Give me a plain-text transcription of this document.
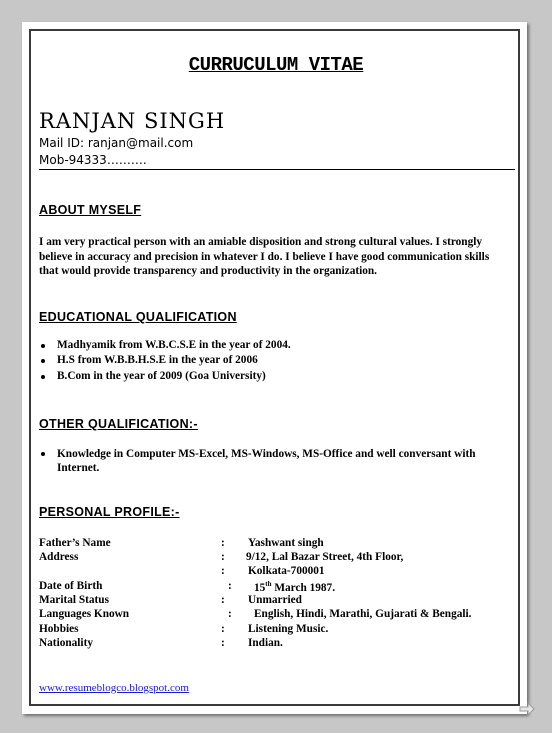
CURRUCULUM VITAE
RANJAN SINGH
Mail ID: ranjan@mail.com
Mob-94333……….
ABOUT MYSELF
I am very practical person with an amiable disposition and strong cultural values. I strongly believe in accuracy and precision in whatever I do. I believe I have good communication skills that would provide transparency and productivity in the organization.
EDUCATIONAL QUALIFICATION
Madhyamik from W.B.C.S.E in the year of 2004.
H.S from W.B.B.H.S.E in the year of 2006
B.Com in the year of 2009 (Goa University)
OTHER QUALIFICATION:-
Knowledge in Computer MS-Excel, MS-Windows, MS-Office and well conversant with Internet.
PERSONAL PROFILE:-
Father’s Name	: Yashwant singh
Address	: 9/12, Lal Bazar Street, 4th Floor,
: Kolkata-700001
Date of Birth	: 15th March 1987.
Marital Status	: Unmarried
Languages Known	: English, Hindi, Marathi, Gujarati & Bengali.
Hobbies	: Listening Music.
Nationality	: Indian.
www.resumeblogco.blogspot.com
